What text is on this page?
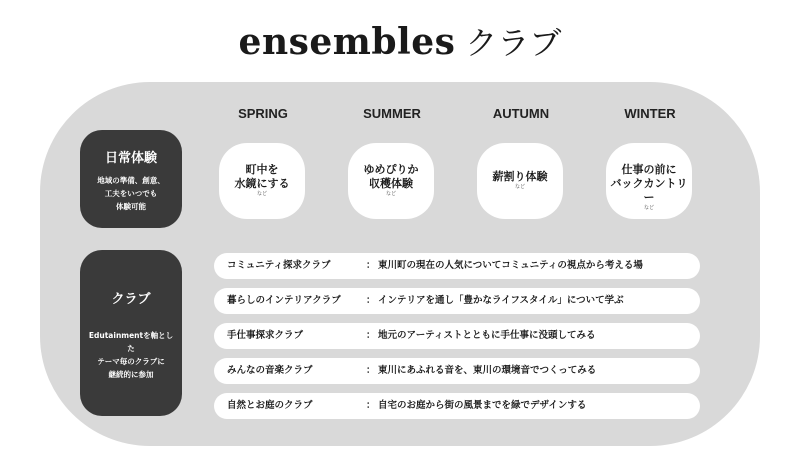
ensembles クラブ
SPRING	SUMMER	AUTUMN	WINTER
日常体験
地域の準備、創意、
工夫をいつでも
体験可能
町中を
水鏡にする
など
ゆめぴりか
収穫体験
など
薪割り体験
など
仕事の前に
バックカントリー
など
クラブ
Edutainmentを軸とした
テーマ毎のクラブに
継続的に参加
コミュニティ探求クラブ	： 東川町の現在の人気についてコミュニティの視点から考える場
暮らしのインテリアクラブ	： インテリアを通し「豊かなライフスタイル」について学ぶ
手仕事探求クラブ	： 地元のアーティストとともに手仕事に没頭してみる
みんなの音楽クラブ	： 東川にあふれる音を、東川の環境音でつくってみる
自然とお庭のクラブ	： 自宅のお庭から街の風景までを緑でデザインする
